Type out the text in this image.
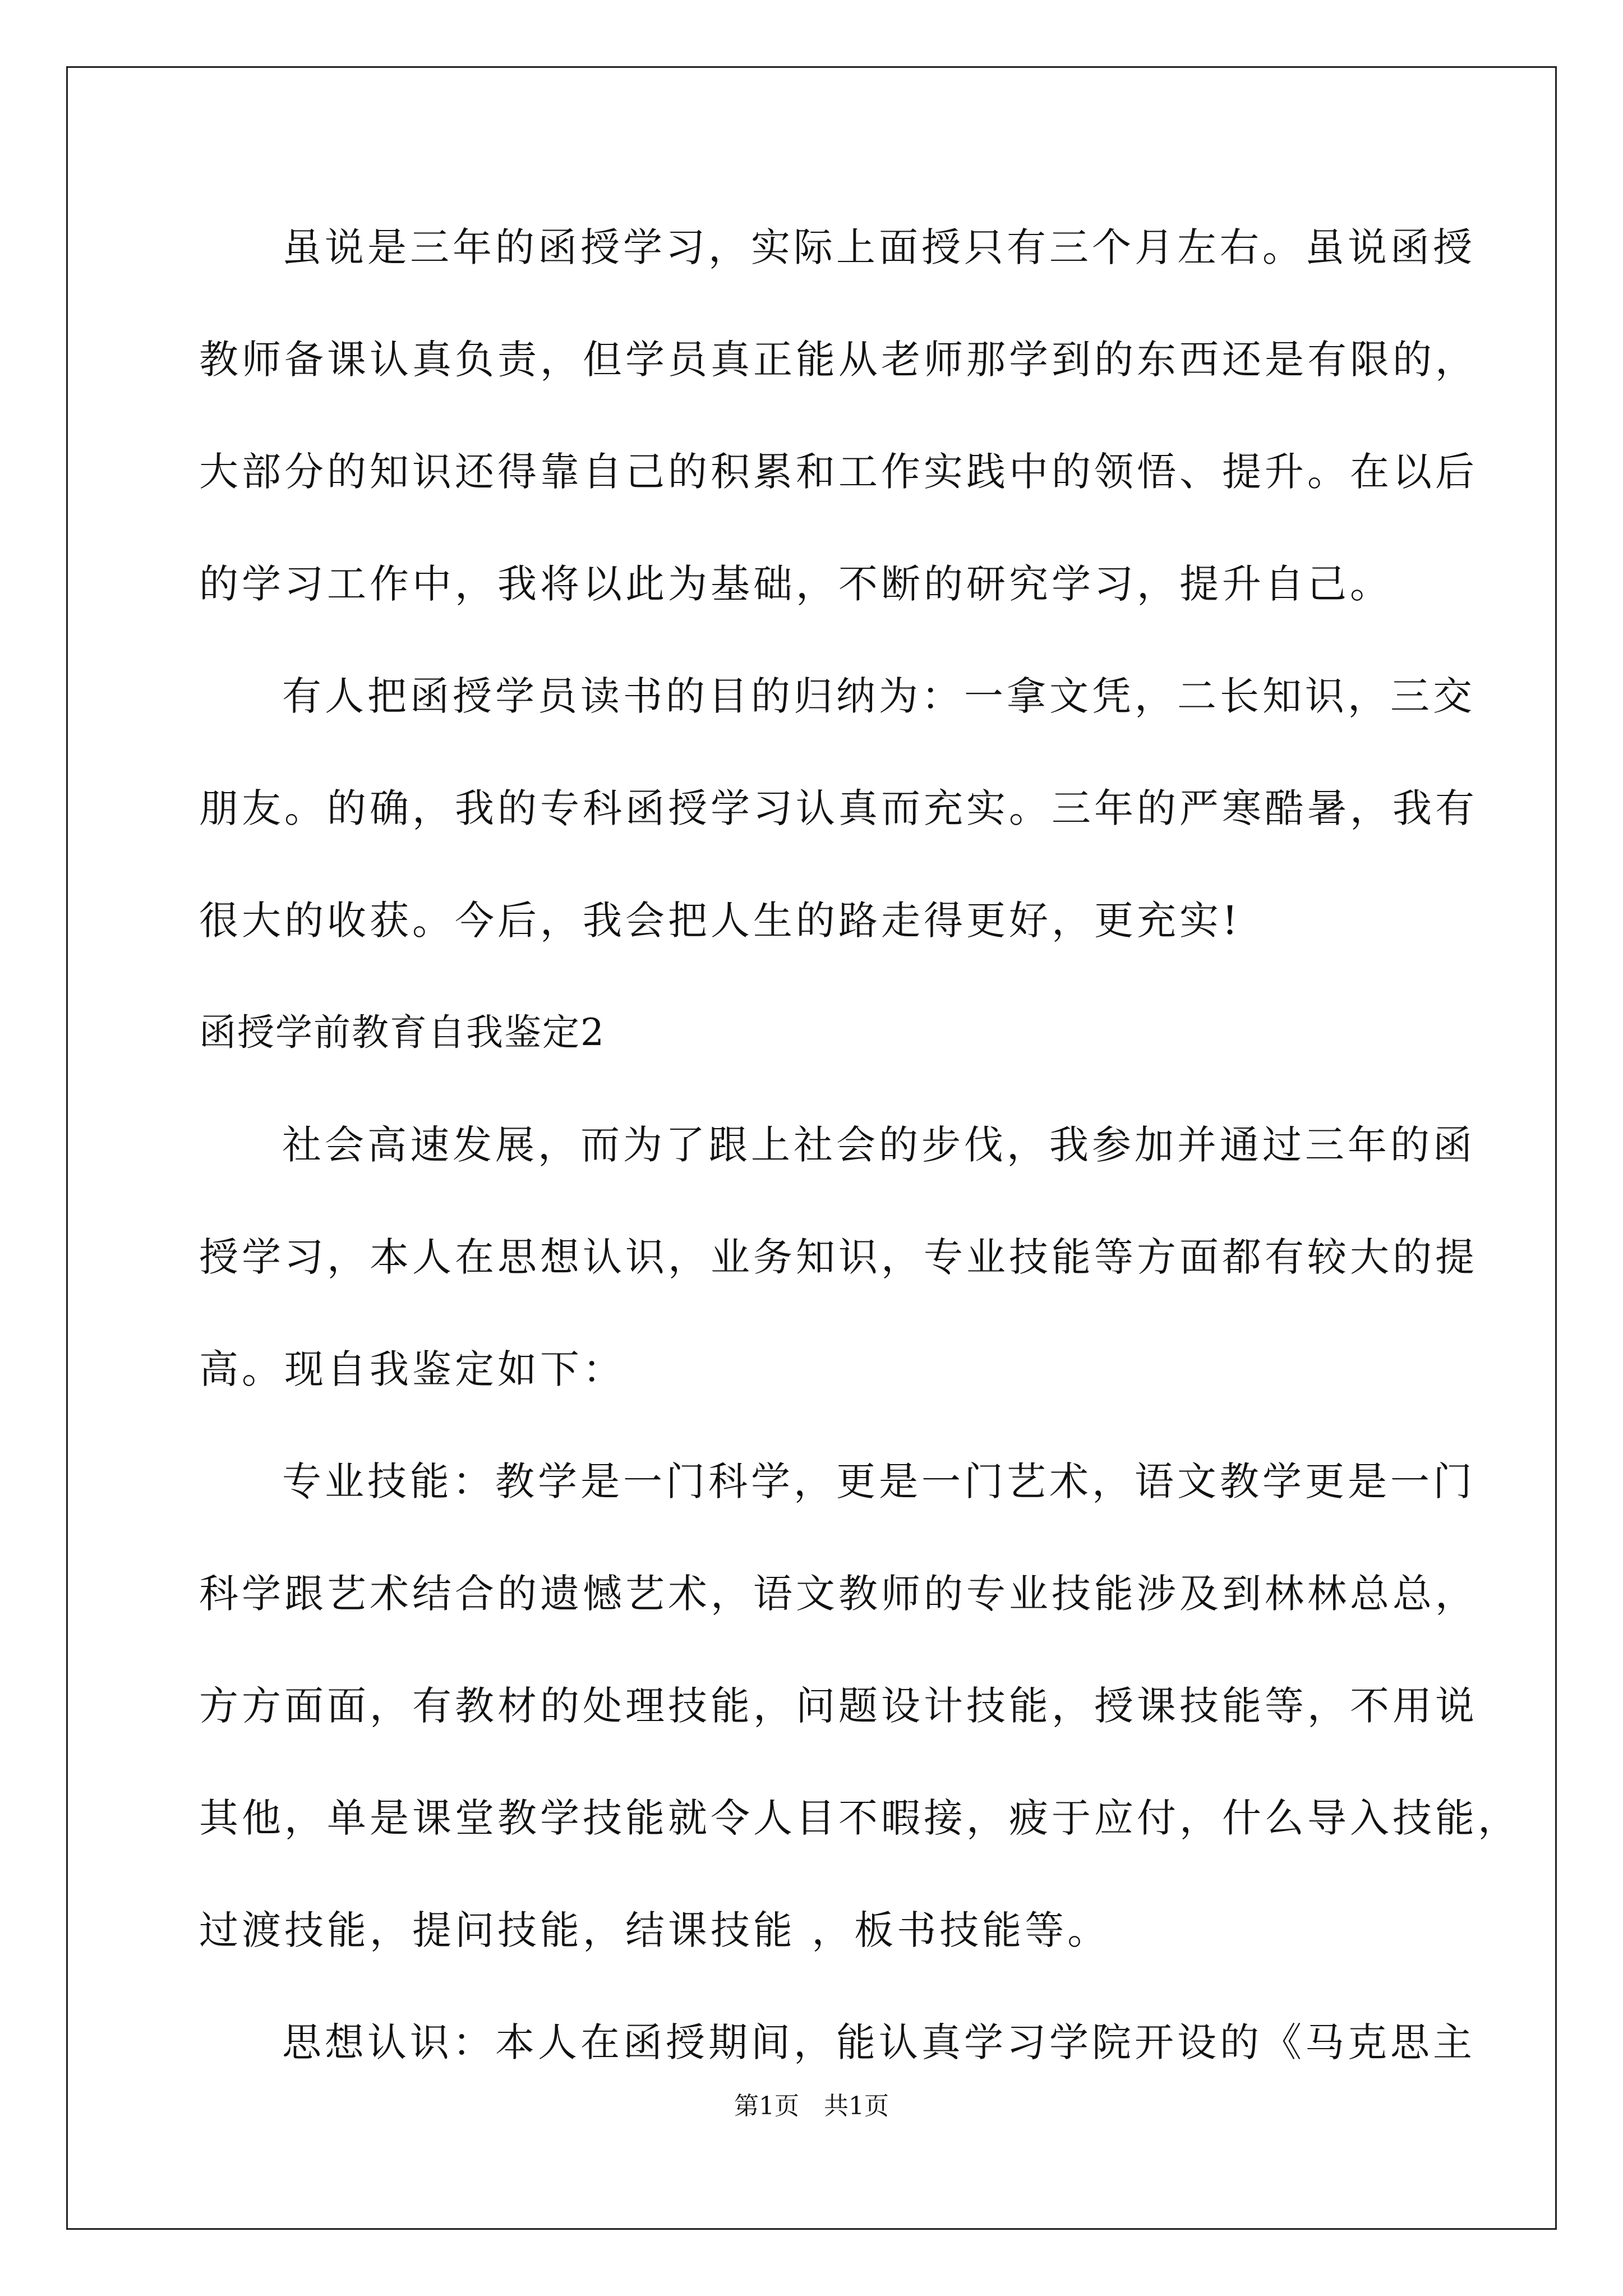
虽说是三年的函授学习，实际上面授只有三个月左右。虽说函授
教师备课认真负责，但学员真正能从老师那学到的东西还是有限的，
大部分的知识还得靠自己的积累和工作实践中的领悟、提升。在以后
的学习工作中，我将以此为基础，不断的研究学习，提升自己。
有人把函授学员读书的目的归纳为：一拿文凭，二长知识，三交
朋友。的确，我的专科函授学习认真而充实。三年的严寒酷暑，我有
很大的收获。今后，我会把人生的路走得更好，更充实!
函授学前教育自我鉴定2
社会高速发展，而为了跟上社会的步伐，我参加并通过三年的函
授学习，本人在思想认识，业务知识，专业技能等方面都有较大的提
高。现自我鉴定如下：
专业技能：教学是一门科学，更是一门艺术，语文教学更是一门
科学跟艺术结合的遗憾艺术，语文教师的专业技能涉及到林林总总，
方方面面，有教材的处理技能，问题设计技能，授课技能等，不用说
其他，单是课堂教学技能就令人目不暇接，疲于应付，什么导入技能，
过渡技能，提问技能，结课技能 ，板书技能等。
思想认识：本人在函授期间，能认真学习学院开设的《马克思主
第1页　共1页
